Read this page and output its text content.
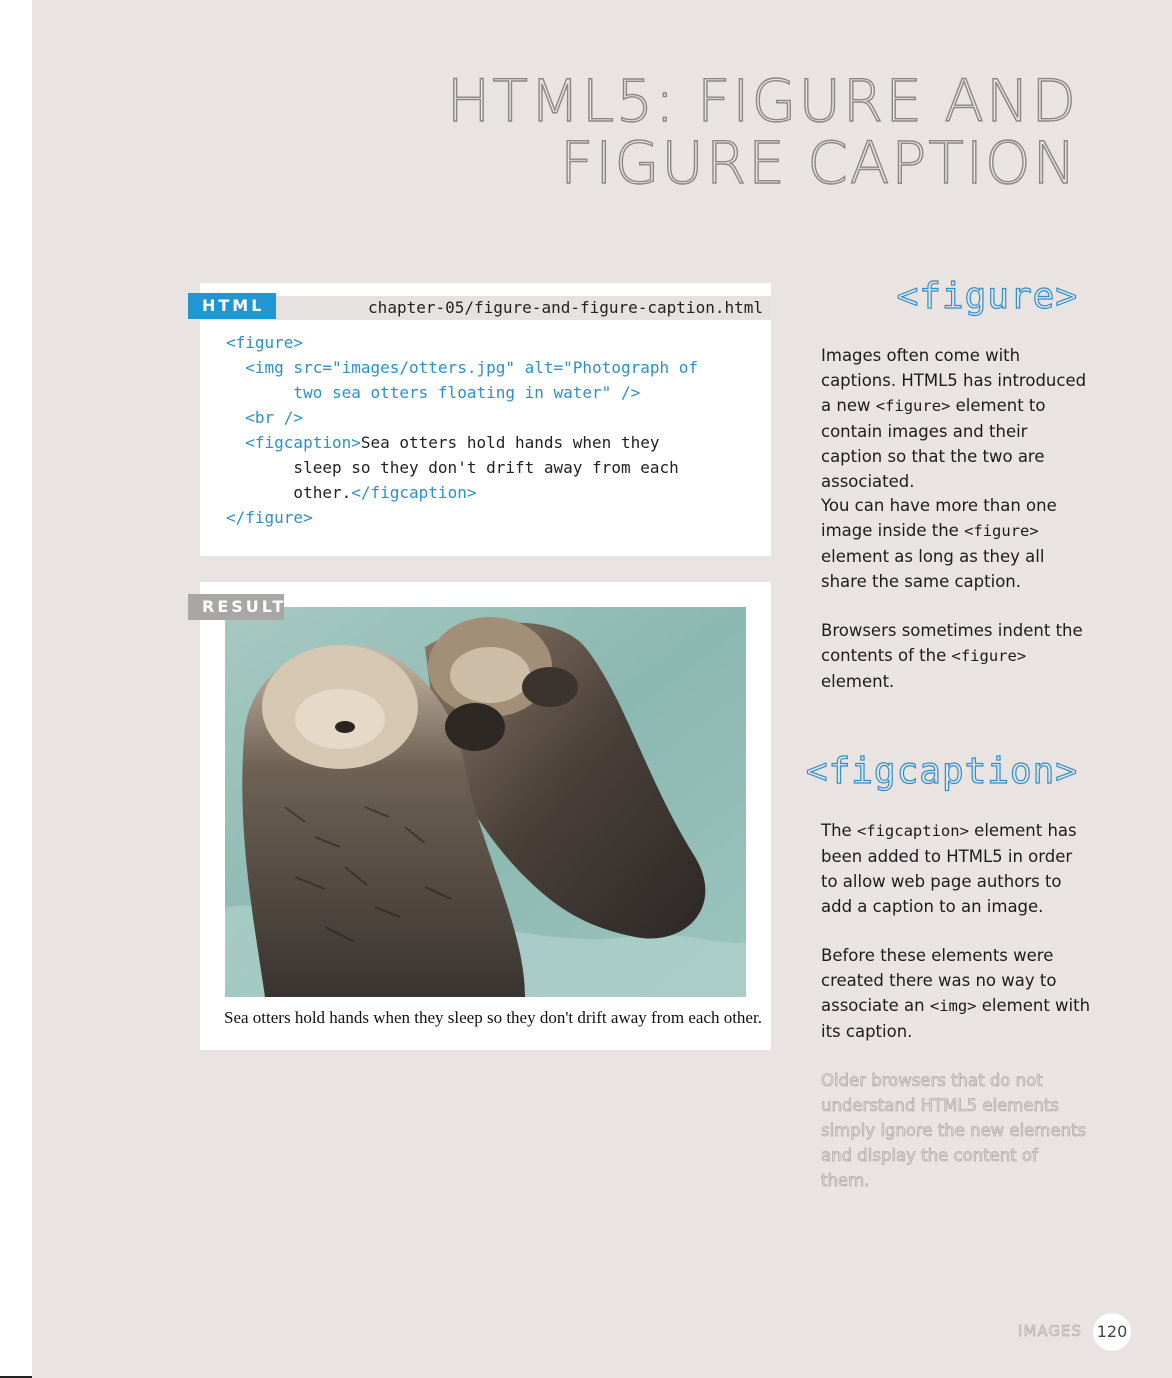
HTML5: FIGURE AND
FIGURE CAPTION
chapter-05/figure-and-figure-caption.html
<figure>
<img src="images/otters.jpg" alt="Photograph of
two sea otters floating in water" />
<br />
<figcaption>Sea otters hold hands when they
sleep so they don't drift away from each
other.</figcaption>
</figure>
HTML
Sea otters hold hands when they sleep so they don't drift away from each other.
RESULT
<figure>

Images often come with captions. HTML5 has introduced a new <figure> element to contain images and their caption so that the two are associated.

You can have more than one image inside the <figure> element as long as they all share the same caption.

Browsers sometimes indent the contents of the <figure> element.

<figcaption>

The <figcaption> element has been added to HTML5 in order to allow web page authors to add a caption to an image.

Before these elements were created there was no way to associate an <img> element with its caption.

Older browsers that do not understand HTML5 elements simply ignore the new elements and display the content of them.

IMAGES 120
